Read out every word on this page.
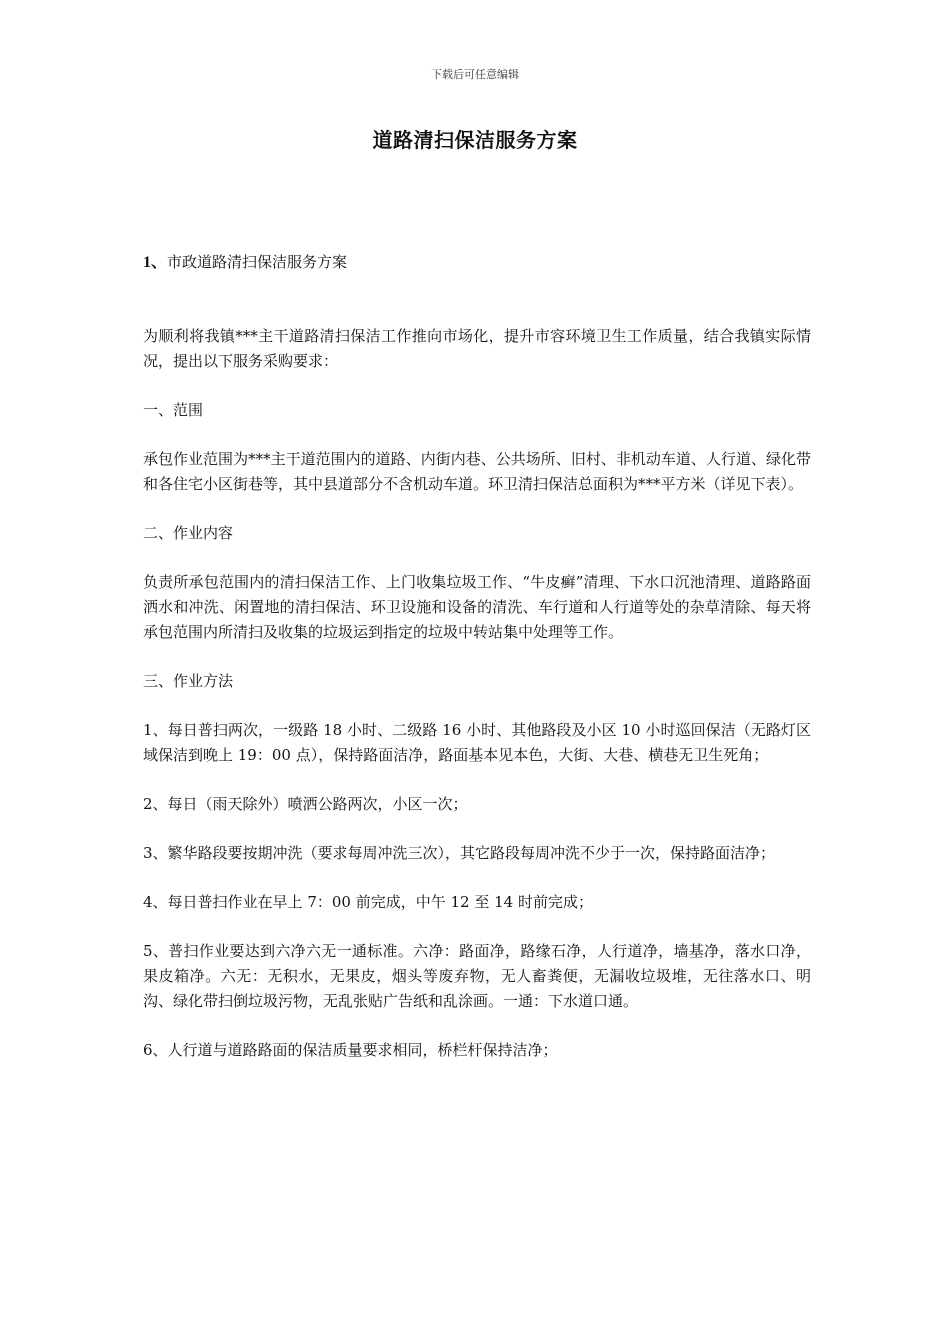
下载后可任意编辑
道路清扫保洁服务方案
1、市政道路清扫保洁服务方案
为顺利将我镇***主干道路清扫保洁工作推向市场化，提升市容环境卫生工作质量，结合我镇实际情况，提出以下服务采购要求：
一、范围
承包作业范围为***主干道范围内的道路、内街内巷、公共场所、旧村、非机动车道、人行道、绿化带和各住宅小区街巷等，其中县道部分不含机动车道。环卫清扫保洁总面积为***平方米（详见下表）。
二、作业内容
负责所承包范围内的清扫保洁工作、上门收集垃圾工作、“牛皮癣”清理、下水口沉池清理、道路路面洒水和冲洗、闲置地的清扫保洁、环卫设施和设备的清洗、车行道和人行道等处的杂草清除、每天将承包范围内所清扫及收集的垃圾运到指定的垃圾中转站集中处理等工作。
三、作业方法
1、每日普扫两次，一级路 18 小时、二级路 16 小时、其他路段及小区 10 小时巡回保洁（无路灯区域保洁到晚上 19：00 点），保持路面洁净，路面基本见本色，大街、大巷、横巷无卫生死角；
2、每日（雨天除外）喷洒公路两次，小区一次；
3、繁华路段要按期冲洗（要求每周冲洗三次），其它路段每周冲洗不少于一次，保持路面洁净；
4、每日普扫作业在早上 7：00 前完成，中午 12 至 14 时前完成；
5、普扫作业要达到六净六无一通标准。六净：路面净，路缘石净，人行道净，墙基净，落水口净，果皮箱净。六无：无积水，无果皮，烟头等废弃物，无人畜粪便，无漏收垃圾堆，无往落水口、明沟、绿化带扫倒垃圾污物，无乱张贴广告纸和乱涂画。一通：下水道口通。
6、人行道与道路路面的保洁质量要求相同，桥栏杆保持洁净；
